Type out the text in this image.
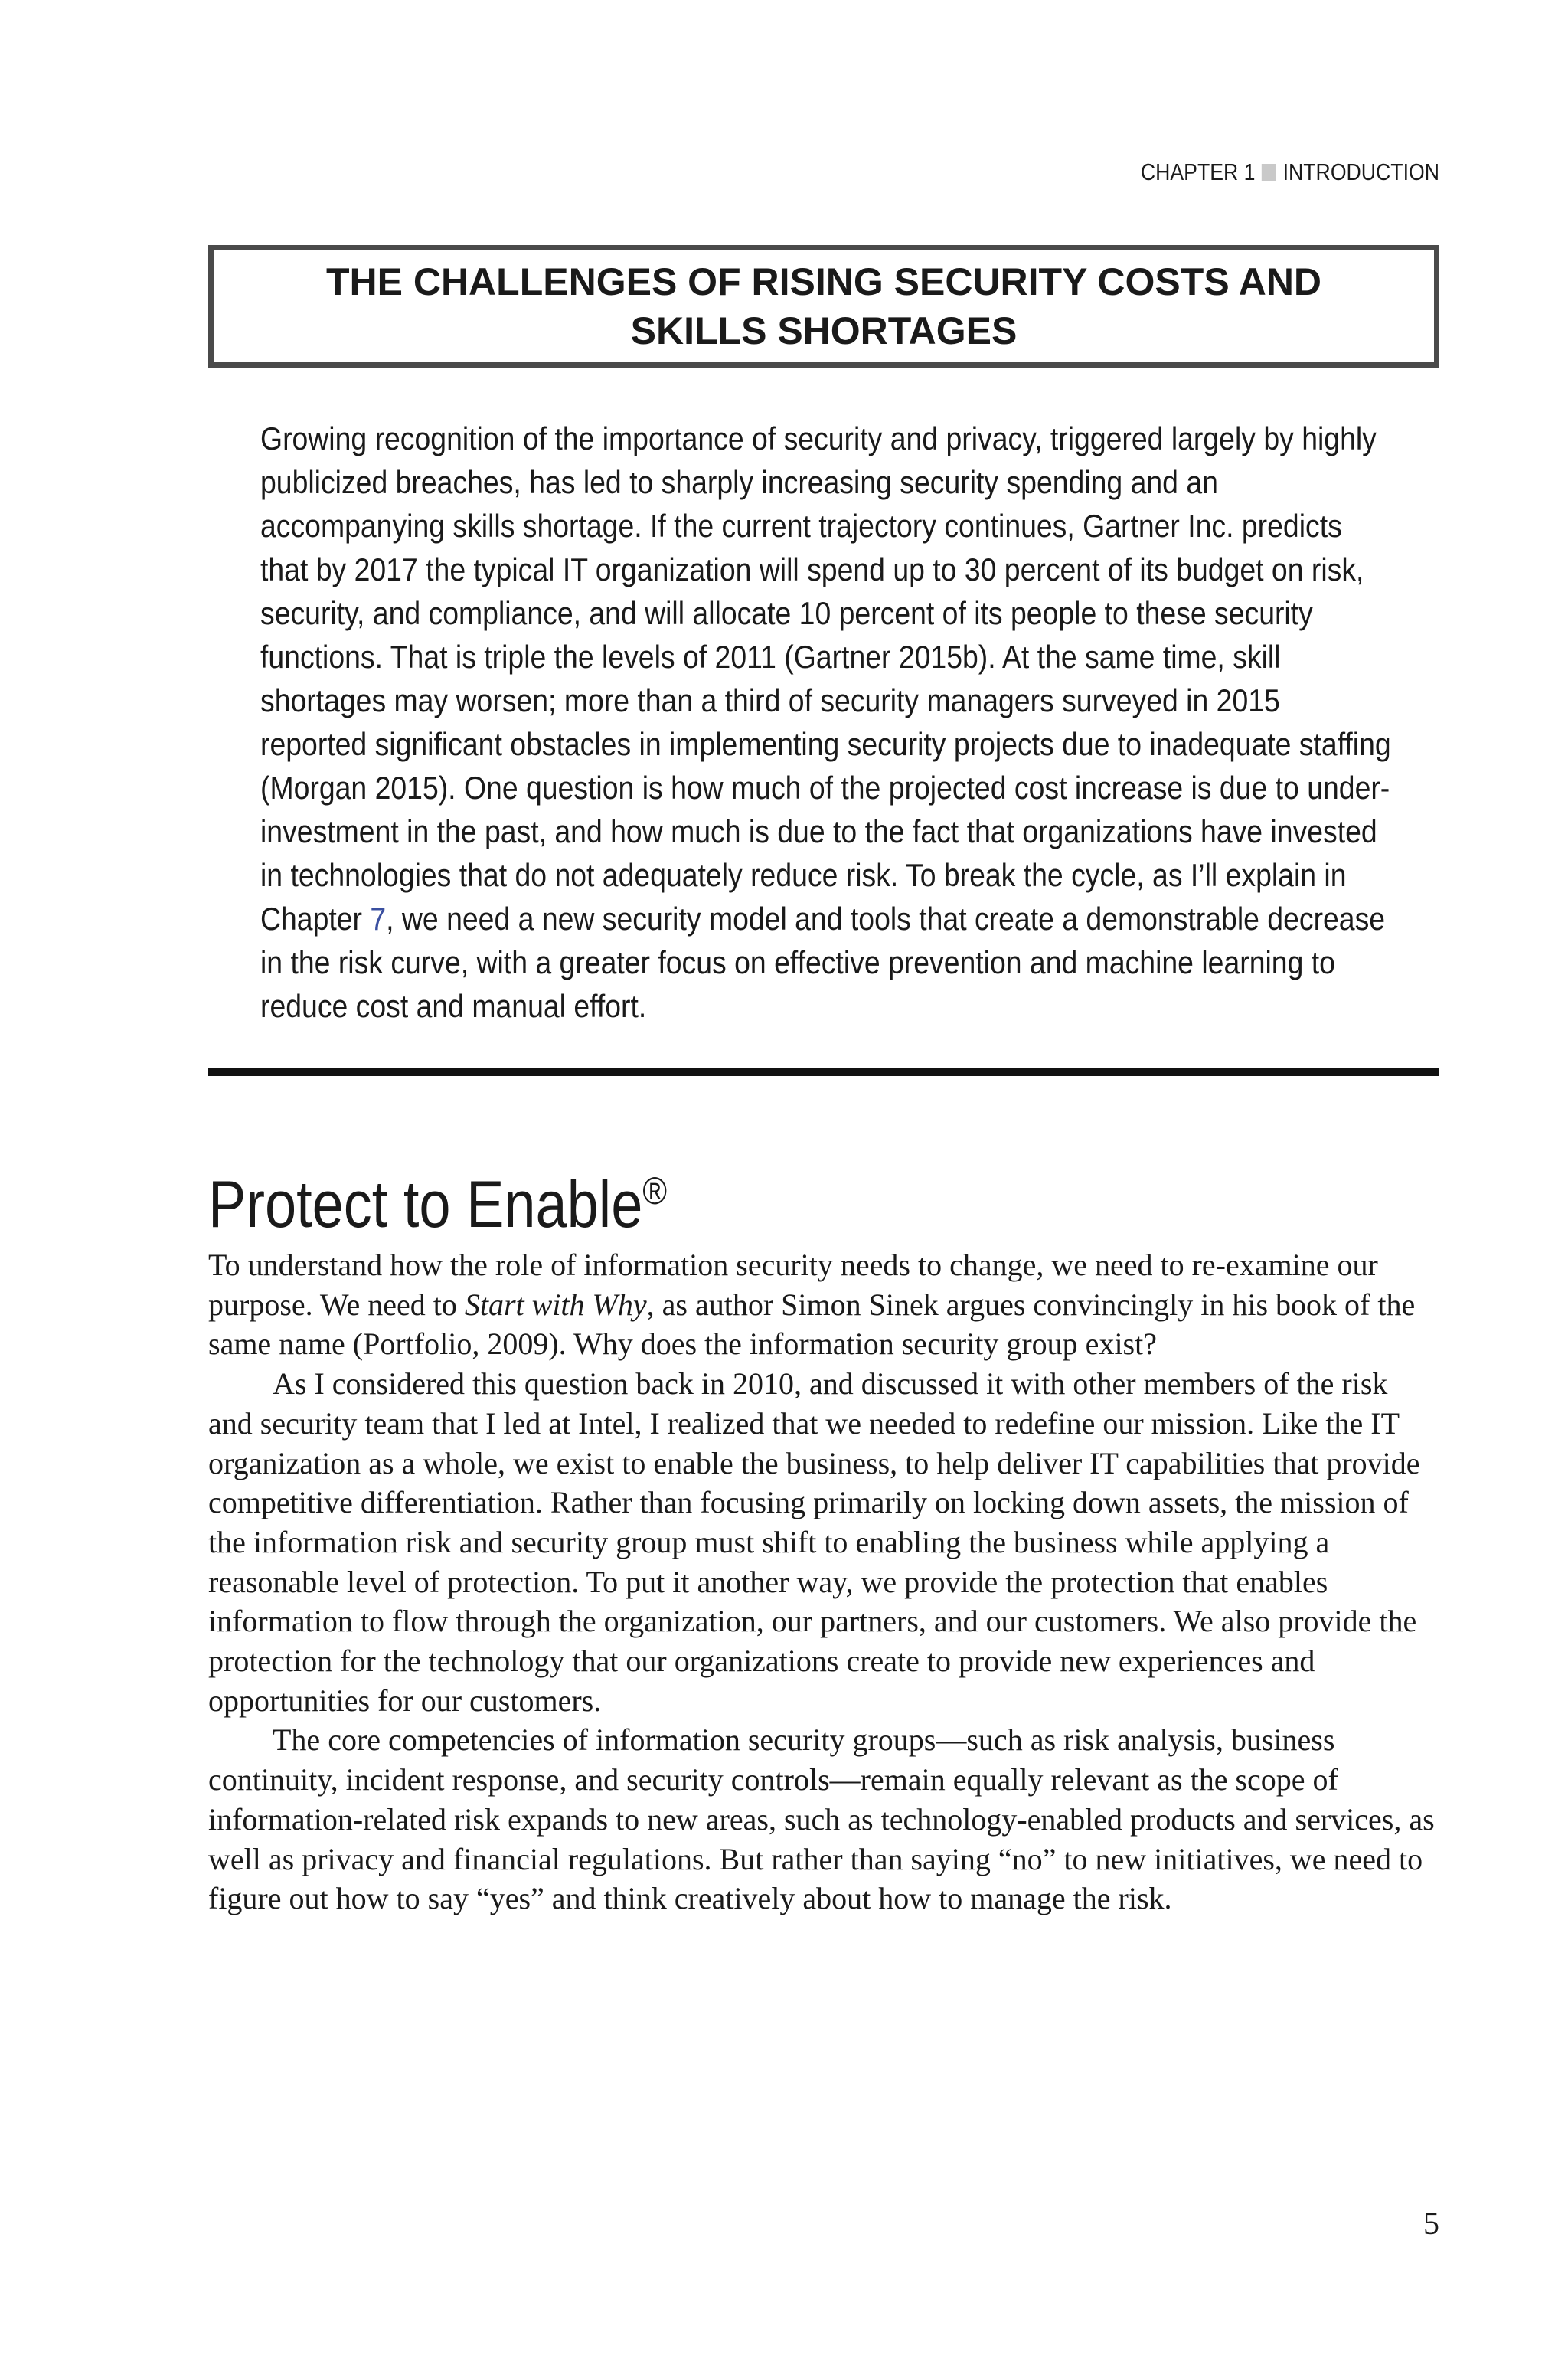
CHAPTER 1 INTRODUCTION
THE CHALLENGES OF RISING SECURITY COSTS AND SKILLS SHORTAGES

Growing recognition of the importance of security and privacy, triggered largely by highly publicized breaches, has led to sharply increasing security spending and an accompanying skills shortage. If the current trajectory continues, Gartner Inc. predicts that by 2017 the typical IT organization will spend up to 30 percent of its budget on risk, security, and compliance, and will allocate 10 percent of its people to these security functions. That is triple the levels of 2011 (Gartner 2015b). At the same time, skill shortages may worsen; more than a third of security managers surveyed in 2015 reported significant obstacles in implementing security projects due to inadequate staffing (Morgan 2015). One question is how much of the projected cost increase is due to under-investment in the past, and how much is due to the fact that organizations have invested in technologies that do not adequately reduce risk. To break the cycle, as I’ll explain in Chapter 7, we need a new security model and tools that create a demonstrable decrease in the risk curve, with a greater focus on effective prevention and machine learning to reduce cost and manual effort.

Protect to Enable®

To understand how the role of information security needs to change, we need to re-examine our purpose. We need to Start with Why, as author Simon Sinek argues convincingly in his book of the same name (Portfolio, 2009). Why does the information security group exist?

As I considered this question back in 2010, and discussed it with other members of the risk and security team that I led at Intel, I realized that we needed to redefine our mission. Like the IT organization as a whole, we exist to enable the business, to help deliver IT capabilities that provide competitive differentiation. Rather than focusing primarily on locking down assets, the mission of the information risk and security group must shift to enabling the business while applying a reasonable level of protection. To put it another way, we provide the protection that enables information to flow through the organization, our partners, and our customers. We also provide the protection for the technology that our organizations create to provide new experiences and opportunities for our customers.

The core competencies of information security groups—such as risk analysis, business continuity, incident response, and security controls—remain equally relevant as the scope of information-related risk expands to new areas, such as technology-enabled products and services, as well as privacy and financial regulations. But rather than saying “no” to new initiatives, we need to figure out how to say “yes” and think creatively about how to manage the risk.

5
